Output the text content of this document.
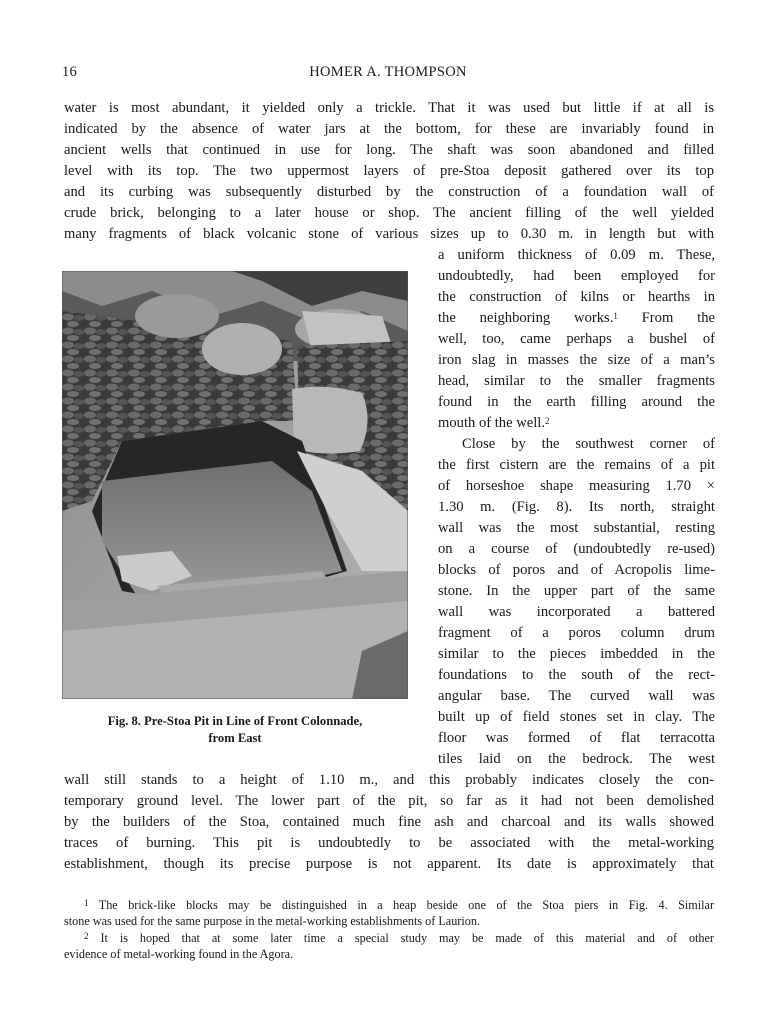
16	HOMER A. THOMPSON
water is most abundant, it yielded only a trickle. That it was used but little if at all is
indicated by the absence of water jars at the bottom, for these are invariably found in
ancient wells that continued in use for long. The shaft was soon abandoned and filled
level with its top. The two uppermost layers of pre-Stoa deposit gathered over its top
and its curbing was subsequently disturbed by the construction of a foundation wall of
crude brick, belonging to a later house or shop. The ancient filling of the well yielded
many fragments of black volcanic stone of various sizes up to 0.30 m. in length but with
a uniform thickness of 0.09 m. These,
undoubtedly, had been employed for
the construction of kilns or hearths in
the neighboring works.$^1$ From the
well, too, came perhaps a bushel of
iron slag in masses the size of a man’s
head, similar to the smaller fragments
found in the earth filling around the
mouth of the well.$^2$
Close by the southwest corner of
the first cistern are the remains of a pit
of horseshoe shape measuring 1.70 ×
1.30 m. (Fig. 8). Its north, straight
wall was the most substantial, resting
on a course of (undoubtedly re-used)
blocks of poros and of Acropolis lime-
stone. In the upper part of the same
wall was incorporated a battered
fragment of a poros column drum
similar to the pieces imbedded in the
foundations to the south of the rect-
angular base. The curved wall was
built up of field stones set in clay. The
floor was formed of flat terracotta
tiles laid on the bedrock. The west
Fig. 8. Pre-Stoa Pit in Line of Front Colonnade,
from East
wall still stands to a height of 1.10 m., and this probably indicates closely the con-
temporary ground level. The lower part of the pit, so far as it had not been demolished
by the builders of the Stoa, contained much fine ash and charcoal and its walls showed
traces of burning. This pit is undoubtedly to be associated with the metal-working
establishment, though its precise purpose is not apparent. Its date is approximately that
$^1$ The brick-like blocks may be distinguished in a heap beside one of the Stoa piers in Fig. 4. Similar
stone was used for the same purpose in the metal-working establishments of Laurion.
$^2$ It is hoped that at some later time a special study may be made of this material and of other
evidence of metal-working found in the Agora.
